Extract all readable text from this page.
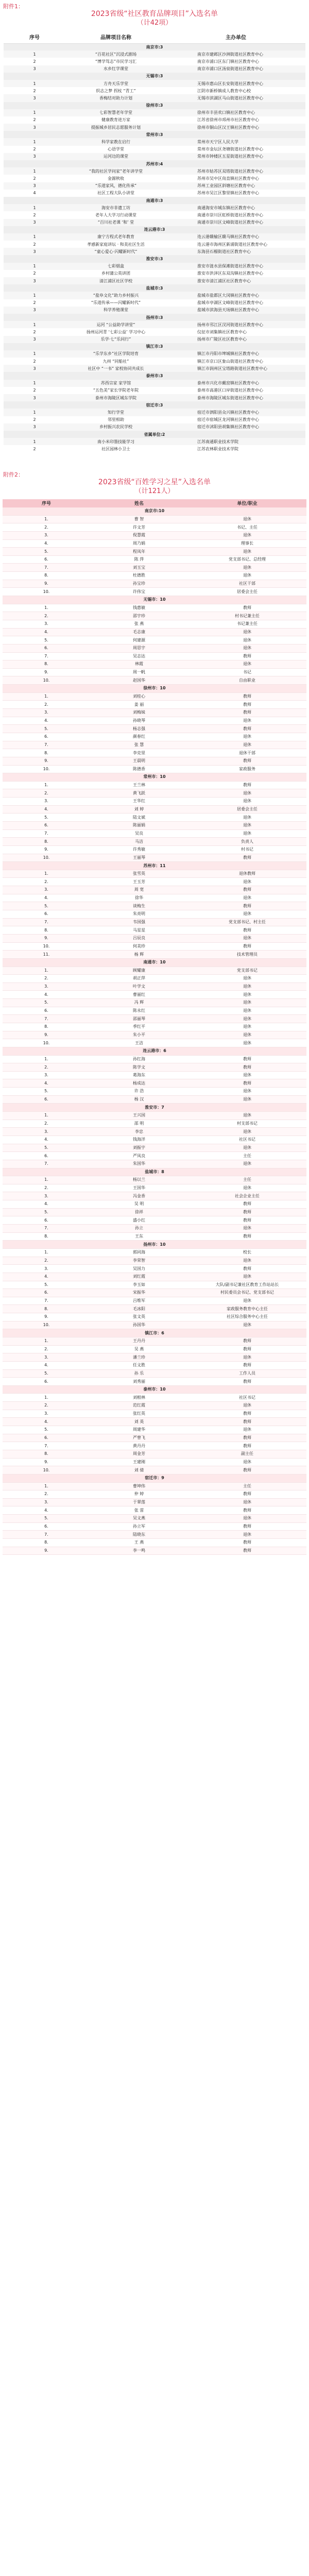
附件1：
2023省级“社区教育品牌项目”入选名单
（计42项）
序号	品牌项目名称	主办单位
南京市:3		
1	“百花社区”沉浸式剧场	南京市建邺区沙洲街道社区教育中心
2	“博学笃志”市民学习汇	南京市浦口区东门镇社区教育中心
3	水乡红学课堂	南京市浦口区汤泉街道社区教育中心
无锡市:3		
1	方舟天乐学堂	无锡市惠山区长安街道社区教育中心
2	织志之梦 拐杖 “青工”	江阴市新桥镇成人教育中心校
3	香梅结对助力计划	无锡市滨湖区马山街道社区教育中心
徐州市:3		
1	七彩智慧老年学堂	徐州市丰县欢口镇社区教育中心
2	健康教育进万家	江苏省徐州市邳州市社区教育中心
3	提振城乡居民志愿服务计划	徐州市铜山区汉王镇社区教育中心
常州市:3		
1	科学家教在启行	常州市天宁区人民大学
2	心语学堂	常州市金坛区尧塘街道社区教育中心
3	运河边的课堂	常州市钟楼区五星街道社区教育中心
苏州市:4		
1	“我的社区学问家”老年讲学堂	苏州市姑苏区双塔街道社区教育中心
2	金源秋收	苏州市吴中区甪直镇社区教育中心
3	“乐道家风，德化传承”	苏州工业园区斜塘社区教育中心
4	社区工程大队小讲堂	苏州市吴江区黎里镇社区教育中心
南通市:3		
1	海安市非遗工坊	南通海安市城东镇社区教育中心
2	老年人大学习行动课堂	南通市崇川区虹桥街道社区教育中心
3	“百川社老课 ‘和’ 堂	南通市崇川区文峰街道社区教育中心
连云港市:3		
1	康宁方程式老年教育	连云港赣榆区赣马镇社区教育中心
2	孝感新家庭讲坛 · 和美社区生活	连云港市海州区新浦街道社区教育中心
3	“童心爱心·闪耀新时代”	东海县石榴街道社区教育中心
淮安市:3		
1	七彩烟盒	淮安市涟水县保滩街道社区教育中心
2	乡村蒲公英讲团	淮安市洪泽区东双沟镇社区教育中心
3	清江浦区社区学校	淮安市清江浦区社区教育中心
盐城市:3		
1	“盐阜文化”助力乡村振兴	盐城市盐都区大冈镇社区教育中心
2	“乐道传承——闪耀新时代”	盐城市亭湖区文峰街道社区教育中心
3	科学养殖课堂	盐城市滨海县天场镇社区教育中心
扬州市:3		
1	运河 “公益助学讲堂”	扬州市邗江区汊河街道社区教育中心
2	扬州运河青 ‘七彩公益’ 学习中心	仪征市刘集镇社区教育中心
3	乐学·七“乐同行”	扬州市广陵区社区教育中心
镇江市:3		
1	“乐学东乡”社区学院培育	镇江市丹阳市埤城镇社区教育中心
2	九州 “同船社”	镇江市京口区象山街道社区教育中心
3	社区中 “一书” 家校协同共成长	镇江市润州区宝塔路街道社区教育中心
泰州市:3		
1	苏西宗家 家学馆	泰州市兴化市戴窑镇社区教育中心
2	“五色美”家长学院老年院	泰州市高港区口岸街道社区教育中心
3	泰州市海陵区城东学院	泰州市海陵区城东街道社区教育中心
宿迁市:3		
1	知行学堂	宿迁市泗阳县众兴镇社区教育中心
2	邻里相助	宿迁市宿城区龙河镇社区教育中心
3	乡村振兴农民学校	宿迁市沭阳县胡集镇社区教育中心
省属单位:2		
1	南小米印墨技能学习	江苏南通职业技术学院
2	社区园林小卫士	江苏农林职业技术学院
附件2：
2023省级“百姓学习之星”入选名单
（计121人）
序号	姓名	单位/职业
南京市:10		
1.	曹 智	退休
2.	许文芳	书记、主任
3.	倪慧霞	退休
4.	周乃娟	理事长
5.	程凤年	退休
6.	陈 萍	党支部书记、总经理
7.	刘玉宝	退休
8.	杜德胜	退休
9.	孙宝珍	社区干部
10.	许伟宝	居委会主任
无锡市：10		
1.	钱惠敏	教师
2.	邵宇珍	村书记兼主任
3.	张 燕	书记兼主任
4.	毛志康	退休
5.	何建源	退休
6.	周思宇	退休
7.	吴志达	教师
8.	林霞	退休
9.	周一帆	书记
10.	赵国华	自由职业
徐州市：10		
1.	刘桂心	教师
2.	姜 丽	教师
3.	刘梅妹	教师
4.	孙晓琴	退休
5.	杨志强	教师
6.	颜春红	退休
7.	张 慧	退休
8.	李克里	退休干部
9.	王晨明	教师
10.	陈德香	家政服务
常州市：10		
1.	王兰林	教师
2.	黄飞跃	退休
3.	王华红	退休
4.	刘 婷	居委会主任
5.	陆文斌	退休
6.	陈丽娟	退休
7.	吴良	退休
8.	马洁	负责人
9.	许秀敏	村书记
10.	王丽琴	教师
苏州市：11		
1.	张雪英	退休教师
2.	王玉芳	退休
3.	周 宽	教师
4.	徐华	退休
5.	谈梅生	教师
6.	朱亮明	退休
7.	韦国强	党支部书记、村主任
8.	马星星	教师
9.	吕辰良	退休
10.	何美珍	教师
11.	杨 辉	技术管理员
南通市：10		
1.	顾耀康	党支部书记
2.	胡正萍	退休
3.	叶学文	退休
4.	曹丽红	退休
5.	冯 辉	退休
6.	陈永红	退休
7.	邵丽琴	退休
8.	季红平	退休
9.	朱小平	退休
10.	王洁	退休
连云港市：6		
1.	孙红海	教师
2.	陈学文	教师
3.	葛海东	退休
4.	杨成达	教师
5.	许 浩	退休
6.	杨 汉	退休
淮安市：7		
1.	王兴国	退休
2.	邵 明	村支部书记
3.	李忠	退休
4.	钱海洋	社区书记
5.	刘振宇	退休
6.	严凤良	主任
7.	朱国华	退休
盐城市：8		
1.	杨以兰	主任
2.	王国华	退休
3.	冯金香	社会企业主任
4.	吴 明	教师
5.	徐祥	教师
6.	盛小红	教师
7.	孙立	退休
8.	王东	教师
扬州市：10		
1.	郭同海	校长
2.	李荣智	退休
3.	吴国力	教师
4.	刘红霞	退休
5.	李玉如	大队/副书记兼社区教育工作站站长
6.	宋振华	村民委员会书记、党支部书记
7.	吕维军	退休
8.	毛冰阳	家政服务教育中心主任
9.	张文英	社区综合服务中心主任
10.	孙国华	退休
镇江市：6		
1.	王丹丹	教师
2.	吴 燕	教师
3.	潘兰珍	退休
4.	任文胜	教师
5.	孙 乐	工作人员
6.	刘秀丽	教师
泰州市：10		
1.	刘根林	社区书记
2.	范红霞	退休
3.	张红英	教师
4.	刘 英	教师
5.	周建华	退休
6.	严曾飞	教师
7.	黄丹丹	教师
8.	周金芳	副主任
9.	王建刚	退休
10.	刘 倩	教师
宿迁市：9		
1.	曹坤伟	主任
2.	仲 婷	教师
3.	于翠莲	退休
4.	张 雷	教师
5.	吴文燕	退休
6.	孙立军	教师
7.	陆晓东	退休
8.	王 燕	教师
9.	李一鸣	教师
